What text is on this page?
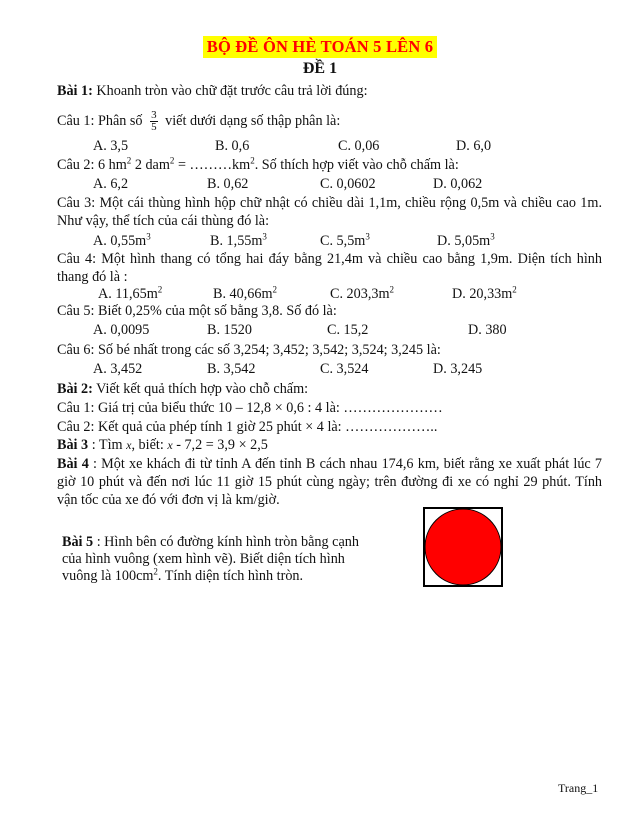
BỘ ĐỀ ÔN HÈ TOÁN 5 LÊN 6
ĐỀ 1
Bài 1: Khoanh tròn vào chữ đặt trước câu trả lời đúng:
Câu 1: Phân số $\frac{3}{5}$ viết dưới dạng số thập phân là:
A. 3,5	B. 0,6	C. 0,06	D. 6,0
Câu 2: 6 $hm^2$ 2 $dam^2 = \dots\dots\dots km^2$. Số thích hợp viết vào chỗ chấm là:
A. 6,2	B. 0,62	C. 0,0602	D. 0,062
Câu 3: Một cái thùng hình hộp chữ nhật có chiều dài 1,1m, chiều rộng 0,5m và chiều cao 1m. Như vậy, thể tích của cái thùng đó là:
A. $0,55m^3$	B. $1,55m^3$	C. $5,5m^3$	D. $5,05m^3$
Câu 4: Một hình thang có tổng hai đáy bằng 21,4m và chiều cao bằng 1,9m. Diện tích hình thang đó là :
A. $11,65m^2$	B. $40,66m^2$	C. $203,3m^2$	D. $20,33m^2$
Câu 5: Biết 0,25% của một số bằng 3,8. Số đó là:
A. 0,0095	B. 1520	C. 15,2	D. 380
Câu 6: Số bé nhất trong các số 3,254; 3,452; 3,542; 3,524; 3,245 là:
A. 3,452	B. 3,542	C. 3,524	D. 3,245
Bài 2: Viết kết quả thích hợp vào chỗ chấm:
Câu 1: Giá trị của biểu thức 10 – 12,8 × 0,6 : 4 là: …………………
Câu 2: Kết quả của phép tính 1 giờ 25 phút × 4 là: ………………..
Bài 3 : Tìm x, biết: x - 7,2 = 3,9 × 2,5
Bài 4 : Một xe khách đi từ tỉnh A đến tỉnh B cách nhau 174,6 km, biết rằng xe xuất phát lúc 7 giờ 10 phút và đến nơi lúc 11 giờ 15 phút cùng ngày; trên đường đi xe có nghỉ 29 phút. Tính vận tốc của xe đó với đơn vị là km/giờ.
Bài 5 : Hình bên có đường kính hình tròn bằng cạnh của hình vuông (xem hình vẽ). Biết diện tích hình vuông là $100cm^2$. Tính diện tích hình tròn.
Trang_1
